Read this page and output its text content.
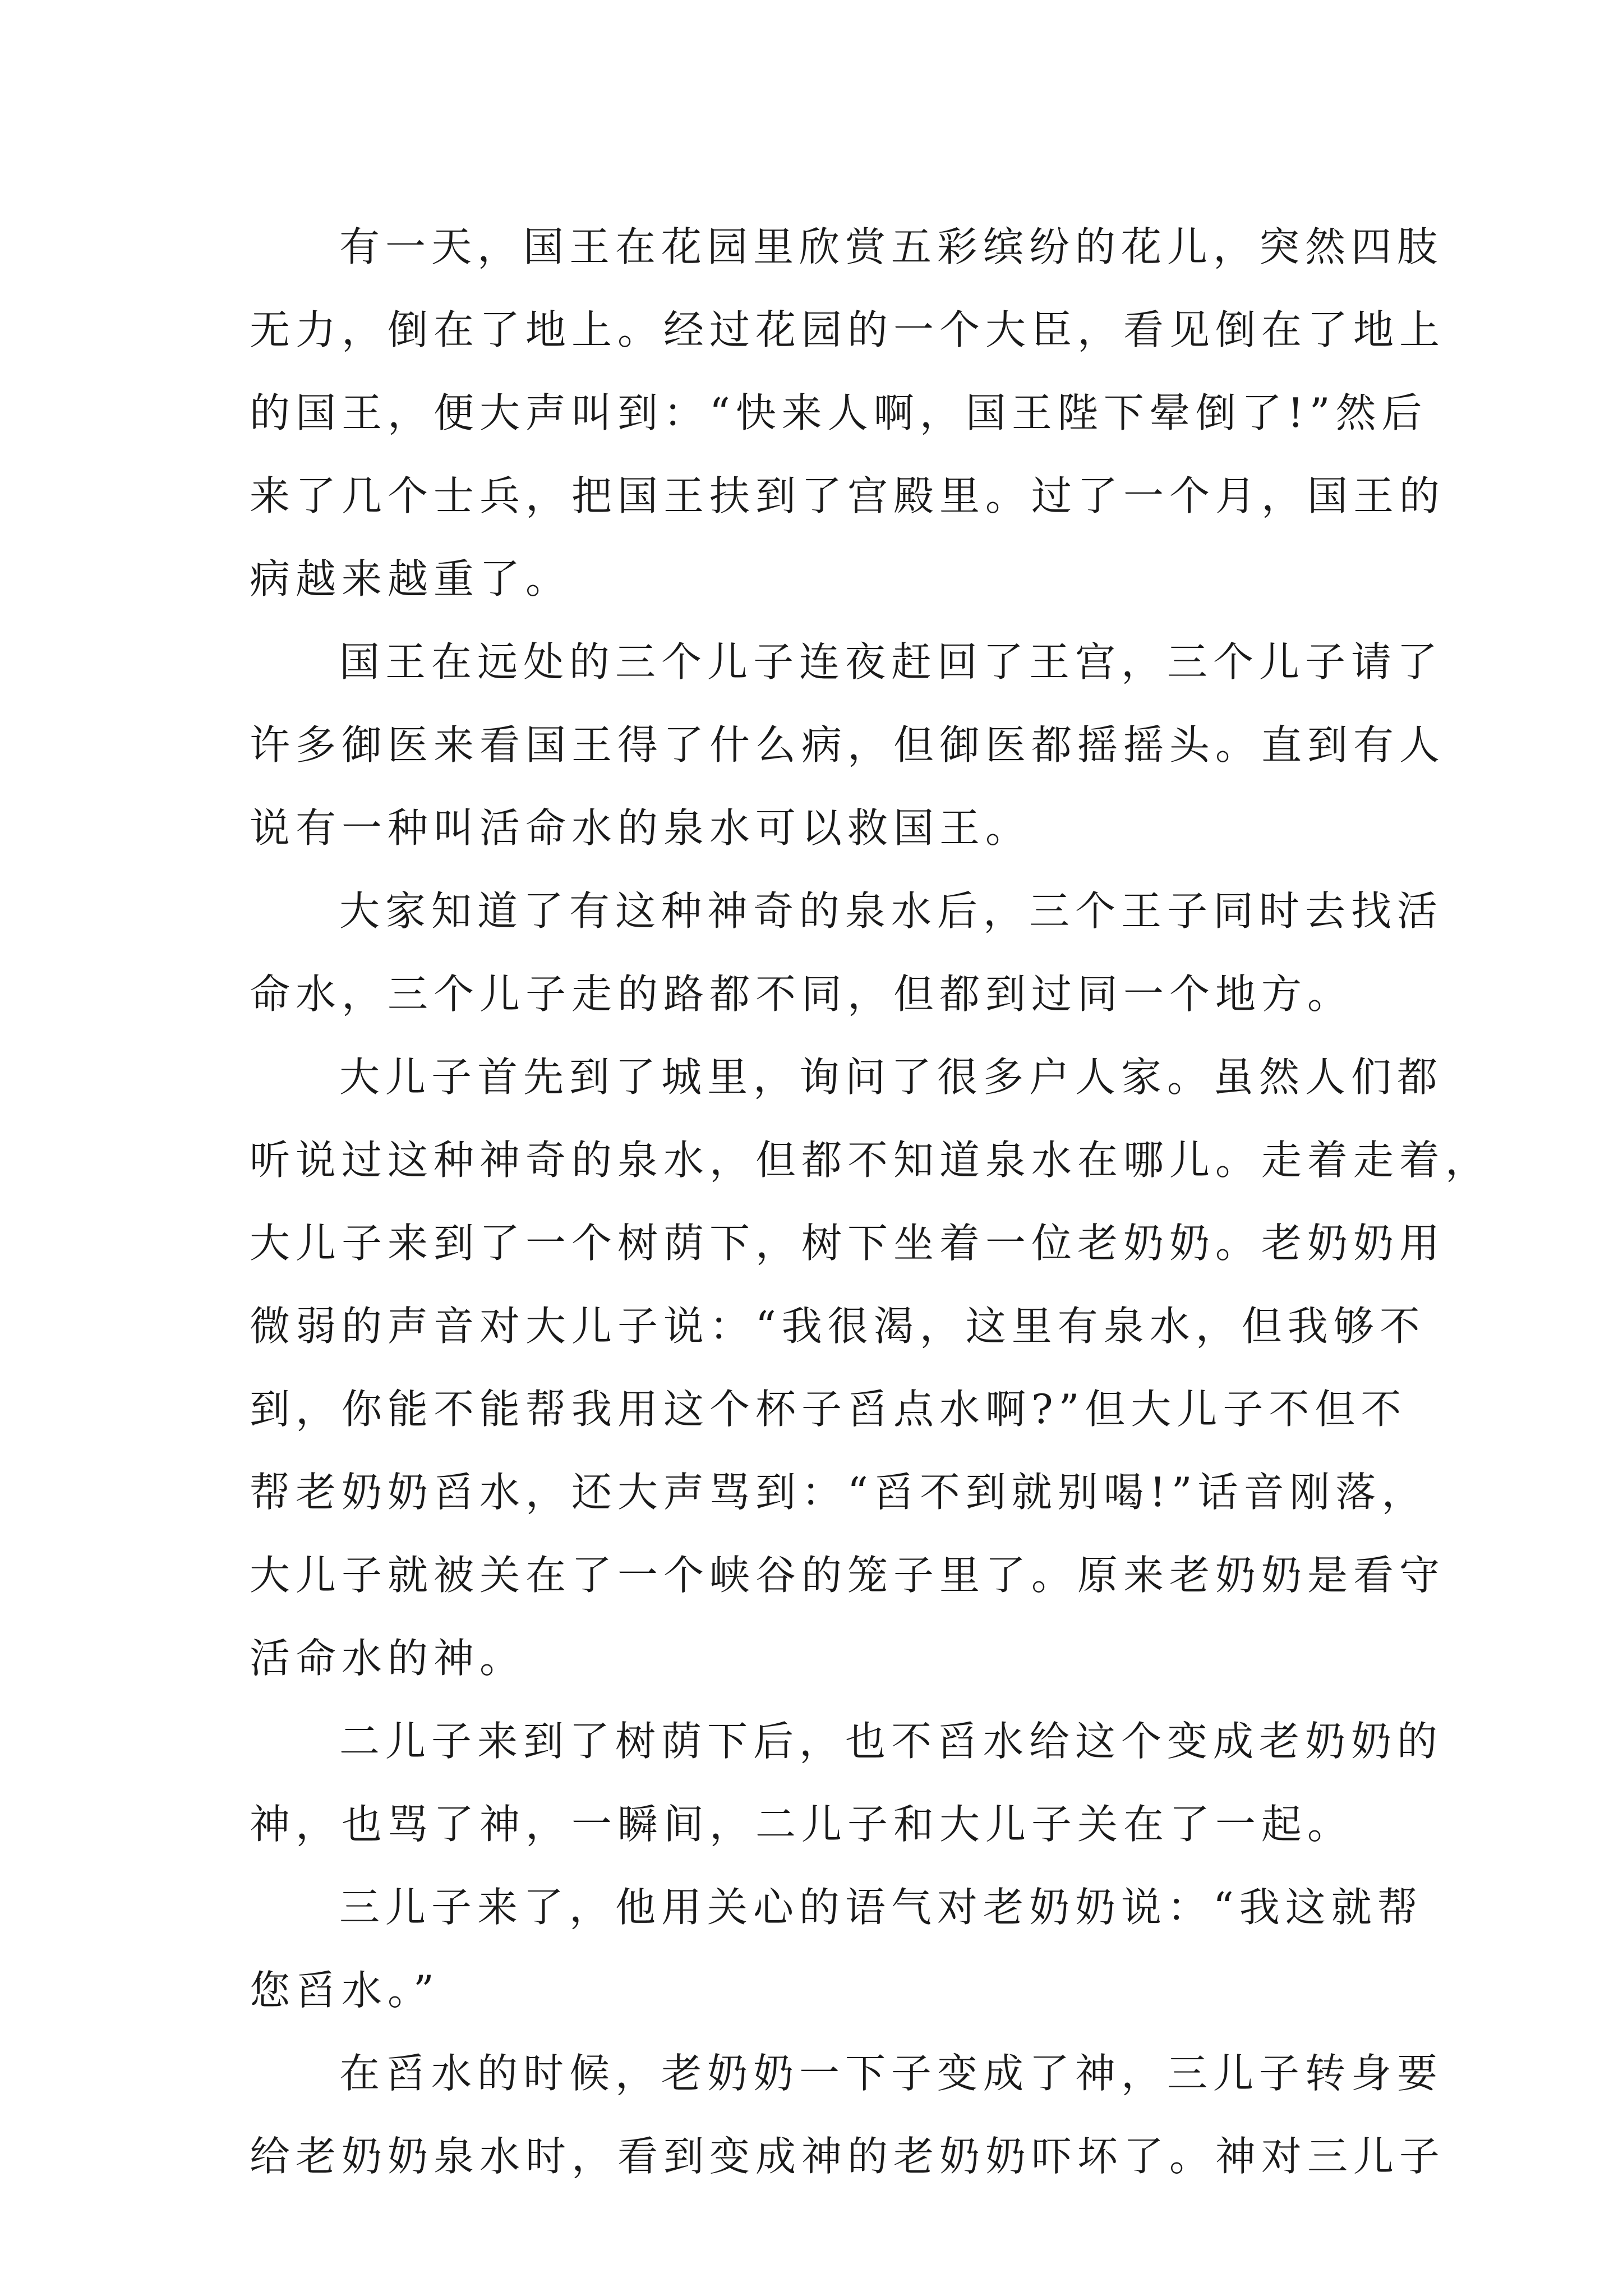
有一天，国王在花园里欣赏五彩缤纷的花儿，突然四肢
无力，倒在了地上。经过花园的一个大臣，看见倒在了地上
的国王，便大声叫到：“快来人啊，国王陛下晕倒了!”然后
来了几个士兵，把国王扶到了宫殿里。过了一个月，国王的
病越来越重了。
国王在远处的三个儿子连夜赶回了王宫，三个儿子请了
许多御医来看国王得了什么病，但御医都摇摇头。直到有人
说有一种叫活命水的泉水可以救国王。
大家知道了有这种神奇的泉水后，三个王子同时去找活
命水，三个儿子走的路都不同，但都到过同一个地方。
大儿子首先到了城里，询问了很多户人家。虽然人们都
听说过这种神奇的泉水，但都不知道泉水在哪儿。走着走着，
大儿子来到了一个树荫下，树下坐着一位老奶奶。老奶奶用
微弱的声音对大儿子说：“我很渴，这里有泉水，但我够不
到，你能不能帮我用这个杯子舀点水啊?”但大儿子不但不
帮老奶奶舀水，还大声骂到：“舀不到就别喝!”话音刚落，
大儿子就被关在了一个峡谷的笼子里了。原来老奶奶是看守
活命水的神。
二儿子来到了树荫下后，也不舀水给这个变成老奶奶的
神，也骂了神，一瞬间，二儿子和大儿子关在了一起。
三儿子来了，他用关心的语气对老奶奶说：“我这就帮
您舀水。”
在舀水的时候，老奶奶一下子变成了神，三儿子转身要
给老奶奶泉水时，看到变成神的老奶奶吓坏了。神对三儿子
